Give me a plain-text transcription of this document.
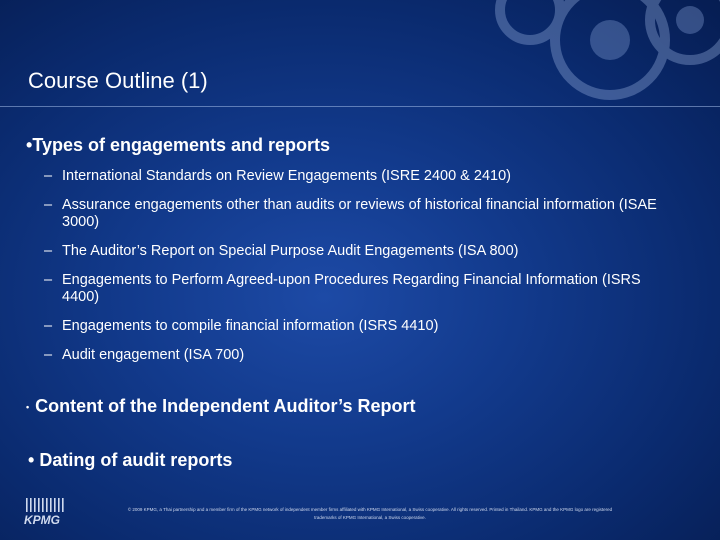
Course Outline (1)
•Types of engagements and reports
– International Standards on Review Engagements (ISRE 2400 & 2410)
– Assurance engagements other than audits or reviews of historical financial information (ISAE 3000)
– The Auditor’s Report on Special Purpose Audit Engagements (ISA 800)
– Engagements to Perform Agreed-upon Procedures Regarding Financial Information (ISRS 4400)
– Engagements to compile financial information (ISRS 4410)
– Audit engagement (ISA 700)
• Content of the Independent Auditor’s Report
• Dating of audit reports
KPMG
© 2009 KPMG, a Thai partnership and a member firm of the KPMG network of independent member firms affiliated with KPMG International, a Swiss cooperative. All rights reserved. Printed in Thailand. KPMG and the KPMG logo are registered trademarks of KPMG International, a Swiss cooperative.
